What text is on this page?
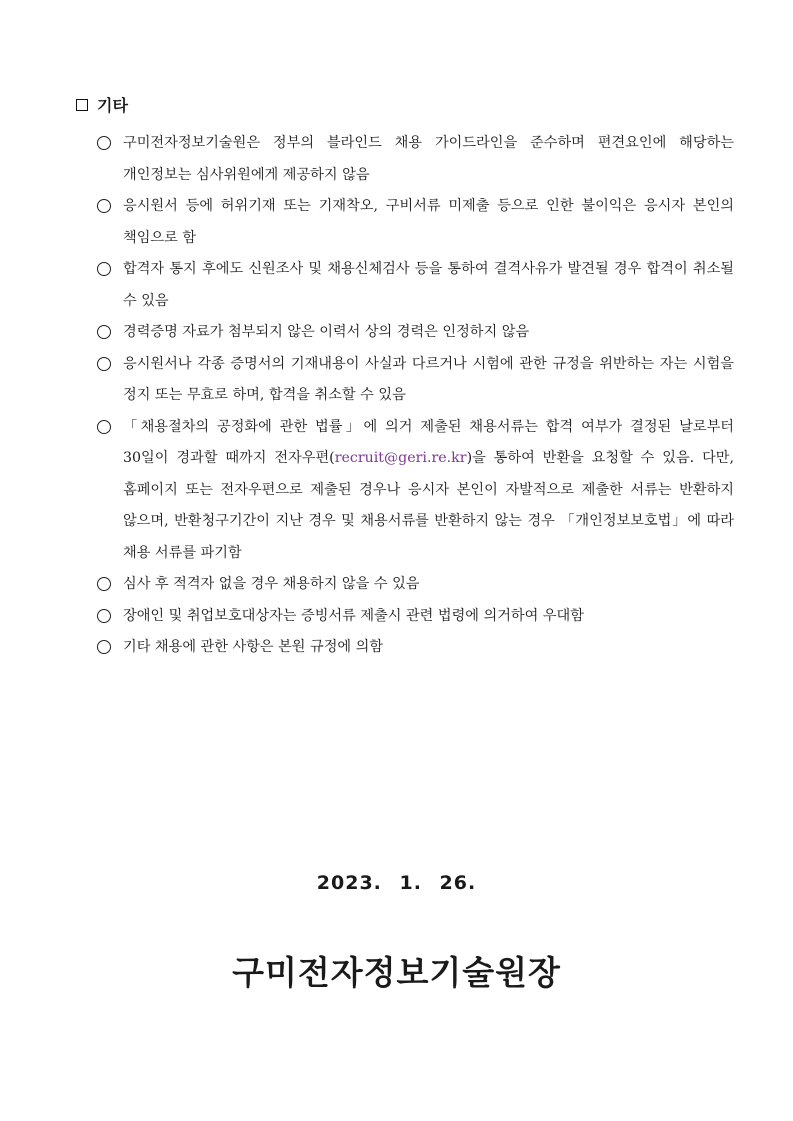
기타
구미전자정보기술원은 정부의 블라인드 채용 가이드라인을 준수하며 편견요인에 해당하는 개인정보는 심사위원에게 제공하지 않음
응시원서 등에 허위기재 또는 기재착오, 구비서류 미제출 등으로 인한 불이익은 응시자 본인의 책임으로 함
합격자 통지 후에도 신원조사 및 채용신체검사 등을 통하여 결격사유가 발견될 경우 합격이 취소될 수 있음
경력증명 자료가 첨부되지 않은 이력서 상의 경력은 인정하지 않음
응시원서나 각종 증명서의 기재내용이 사실과 다르거나 시험에 관한 규정을 위반하는 자는 시험을 정지 또는 무효로 하며, 합격을 취소할 수 있음
「채용절차의 공정화에 관한 법률」에 의거 제출된 채용서류는 합격 여부가 결정된 날로부터 30일이 경과할 때까지 전자우편(recruit@geri.re.kr)을 통하여 반환을 요청할 수 있음. 다만, 홈페이지 또는 전자우편으로 제출된 경우나 응시자 본인이 자발적으로 제출한 서류는 반환하지 않으며, 반환청구기간이 지난 경우 및 채용서류를 반환하지 않는 경우 「개인정보보호법」에 따라 채용 서류를 파기함
심사 후 적격자 없을 경우 채용하지 않을 수 있음
장애인 및 취업보호대상자는 증빙서류 제출시 관련 법령에 의거하여 우대함
기타 채용에 관한 사항은 본원 규정에 의함
2023. 1. 26.
구미전자정보기술원장
